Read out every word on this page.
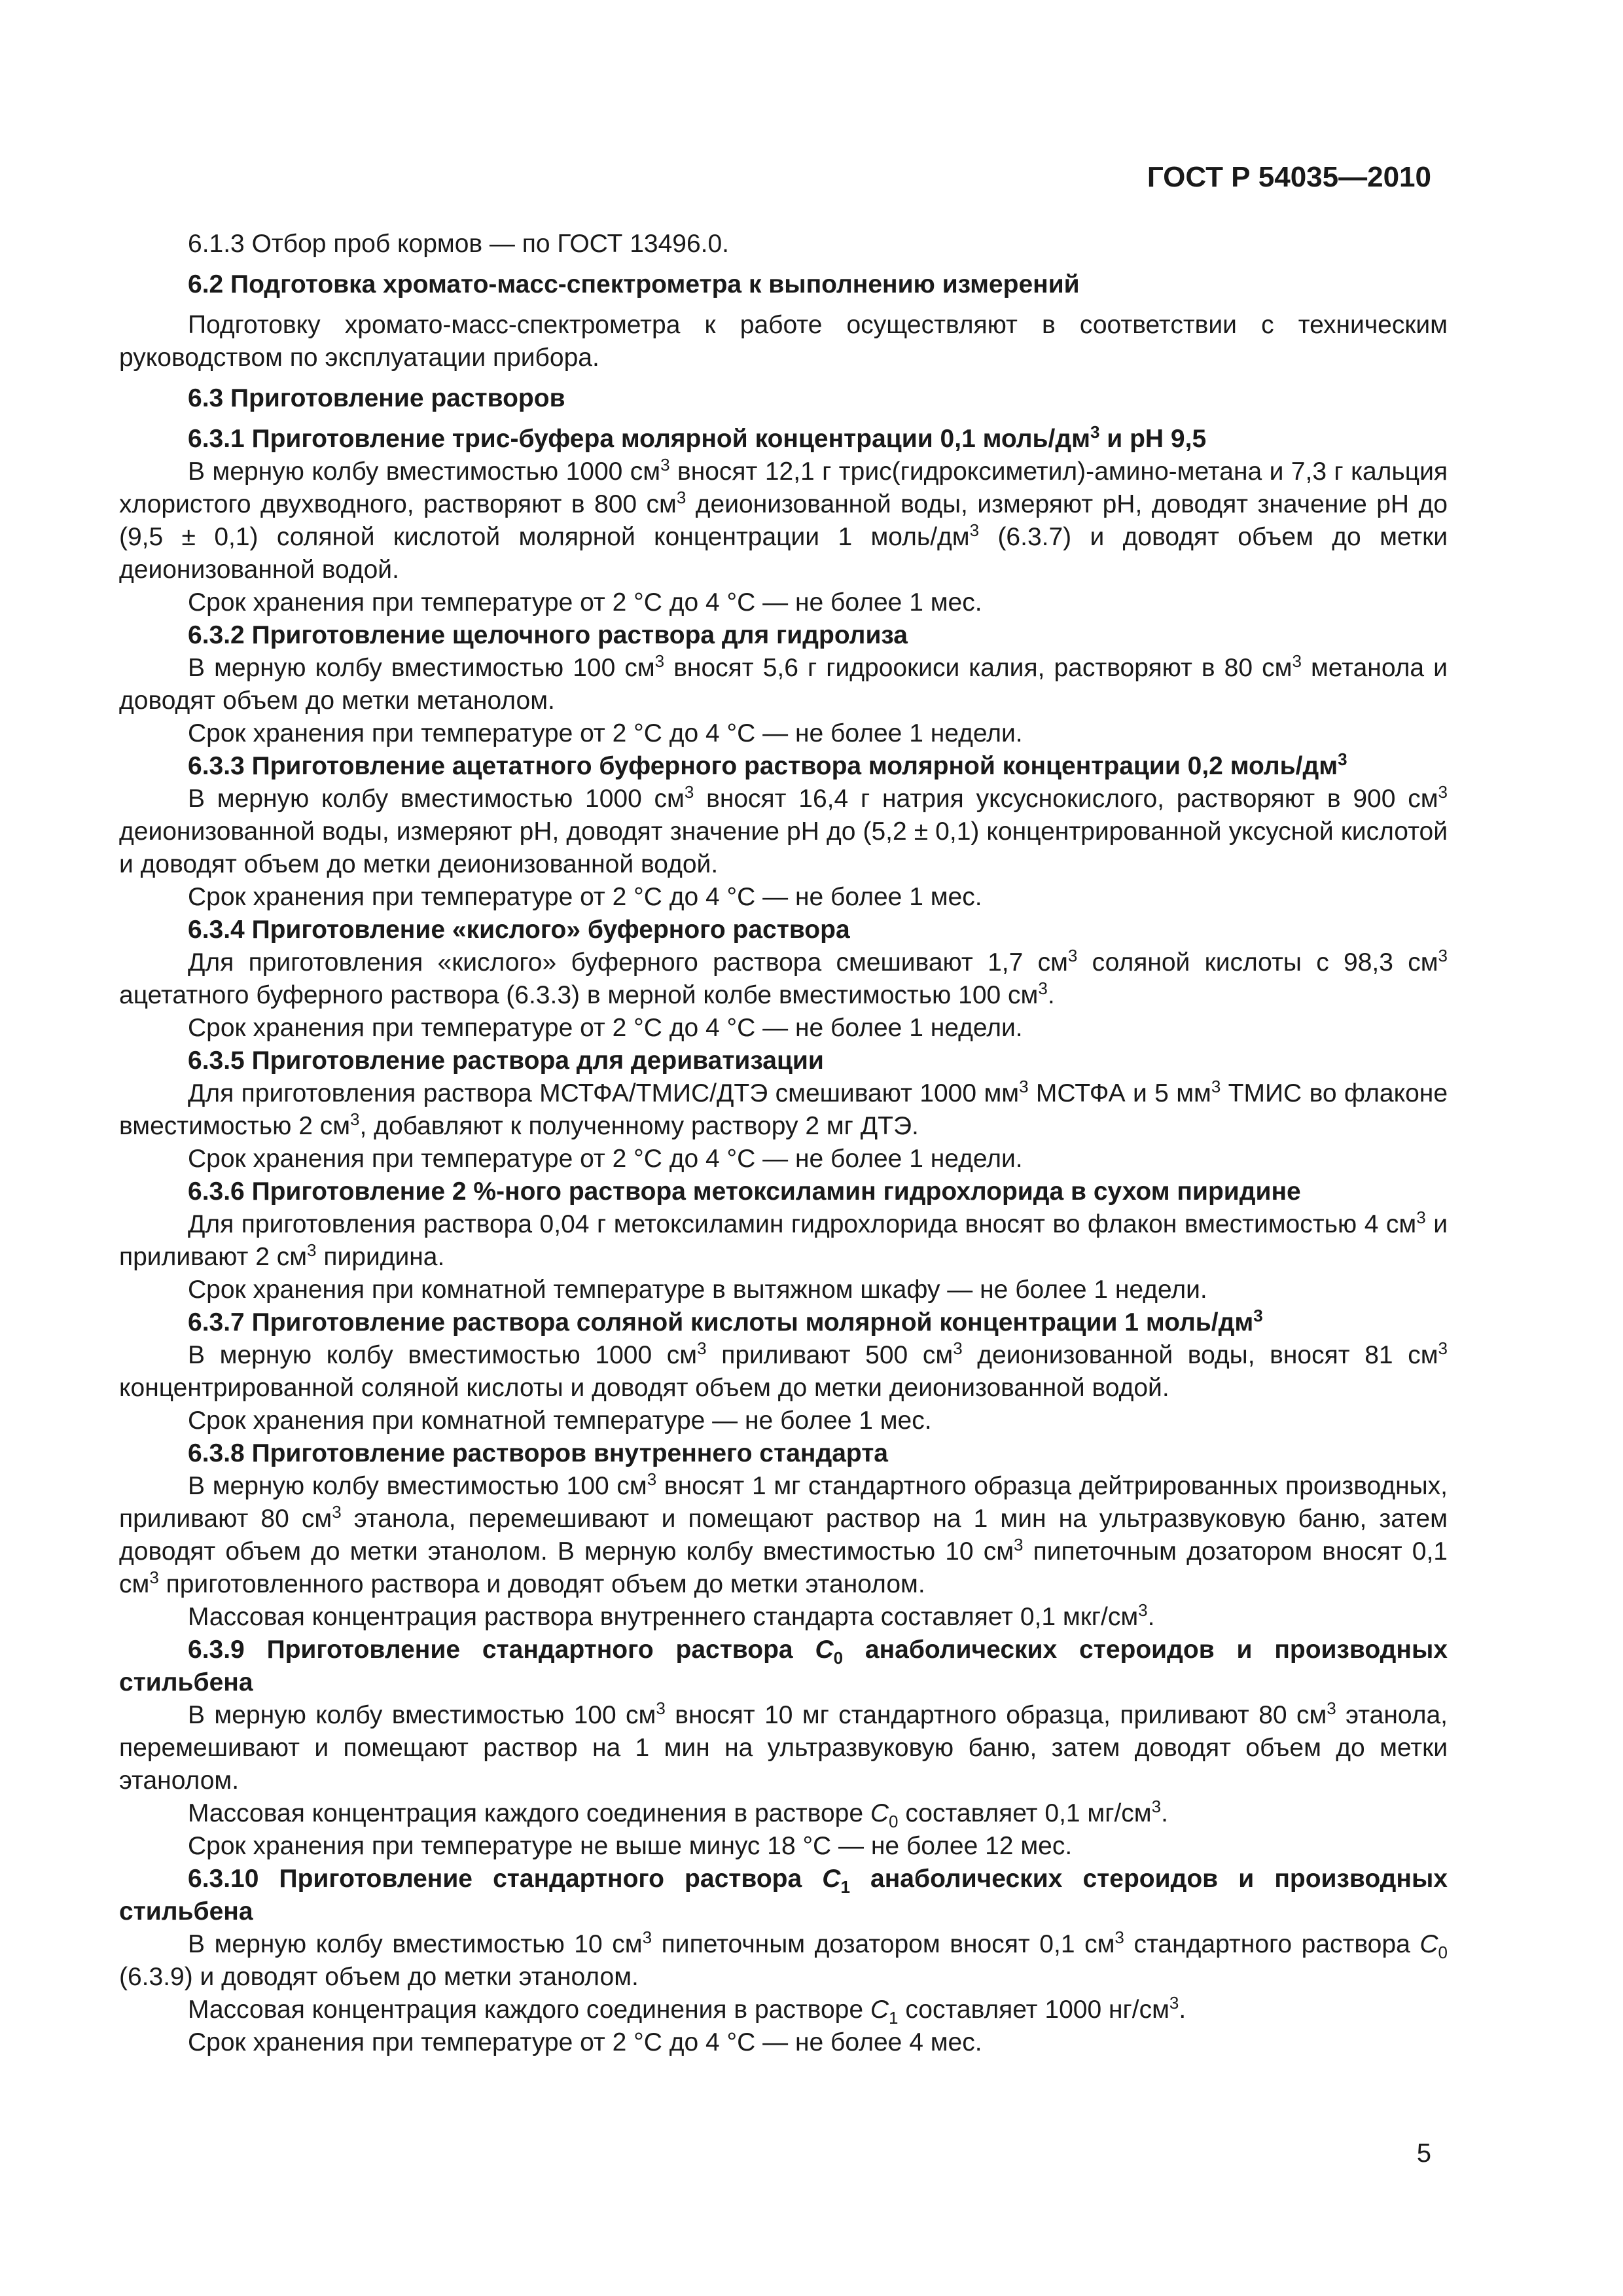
ГОСТ Р 54035—2010

6.1.3 Отбор проб кормов — по ГОСТ 13496.0.

6.2 Подготовка хромато-масс-спектрометра к выполнению измерений

Подготовку хромато-масс-спектрометра к работе осуществляют в соответствии с техническим руководством по эксплуатации прибора.

6.3 Приготовление растворов

6.3.1 Приготовление трис-буфера молярной концентрации 0,1 моль/$дм^3$ и рН 9,5

В мерную колбу вместимостью 1000 $см^3$ вносят 12,1 г трис(гидроксиметил)-амино-метана и 7,3 г кальция хлористого двухводного, растворяют в 800 $см^3$ деионизованной воды, измеряют рН, доводят значение рН до (9,5 ± 0,1) соляной кислотой молярной концентрации 1 моль/$дм^3$ (6.3.7) и доводят объем до метки деионизованной водой.

Срок хранения при температуре от 2 °С до 4 °С — не более 1 мес.

6.3.2 Приготовление щелочного раствора для гидролиза

В мерную колбу вместимостью 100 $см^3$ вносят 5,6 г гидроокиси калия, растворяют в 80 $см^3$ метанола и доводят объем до метки метанолом.

Срок хранения при температуре от 2 °С до 4 °С — не более 1 недели.

6.3.3 Приготовление ацетатного буферного раствора молярной концентрации 0,2 моль/$дм^3$

В мерную колбу вместимостью 1000 $см^3$ вносят 16,4 г натрия уксуснокислого, растворяют в 900 $см^3$ деионизованной воды, измеряют рН, доводят значение рН до (5,2 ± 0,1) концентрированной уксусной кислотой и доводят объем до метки деионизованной водой.

Срок хранения при температуре от 2 °С до 4 °С — не более 1 мес.

6.3.4 Приготовление «кислого» буферного раствора

Для приготовления «кислого» буферного раствора смешивают 1,7 $см^3$ соляной кислоты с 98,3 $см^3$ ацетатного буферного раствора (6.3.3) в мерной колбе вместимостью 100 $см^3$.

Срок хранения при температуре от 2 °С до 4 °С — не более 1 недели.

6.3.5 Приготовление раствора для дериватизации

Для приготовления раствора МСТФА/ТМИС/ДТЭ смешивают 1000 $мм^3$ МСТФА и 5 $мм^3$ ТМИС во флаконе вместимостью 2 $см^3$, добавляют к полученному раствору 2 мг ДТЭ.

Срок хранения при температуре от 2 °С до 4 °С — не более 1 недели.

6.3.6 Приготовление 2 %-ного раствора метоксиламин гидрохлорида в сухом пиридине

Для приготовления раствора 0,04 г метоксиламин гидрохлорида вносят во флакон вместимостью 4 $см^3$ и приливают 2 $см^3$ пиридина.

Срок хранения при комнатной температуре в вытяжном шкафу — не более 1 недели.

6.3.7 Приготовление раствора соляной кислоты молярной концентрации 1 моль/$дм^3$

В мерную колбу вместимостью 1000 $см^3$ приливают 500 $см^3$ деионизованной воды, вносят 81 $см^3$ концентрированной соляной кислоты и доводят объем до метки деионизованной водой.

Срок хранения при комнатной температуре — не более 1 мес.

6.3.8 Приготовление растворов внутреннего стандарта

В мерную колбу вместимостью 100 $см^3$ вносят 1 мг стандартного образца дейтрированных производных, приливают 80 $см^3$ этанола, перемешивают и помещают раствор на 1 мин на ультразвуковую баню, затем доводят объем до метки этанолом. В мерную колбу вместимостью 10 $см^3$ пипеточным дозатором вносят 0,1 $см^3$ приготовленного раствора и доводят объем до метки этанолом.

Массовая концентрация раствора внутреннего стандарта составляет 0,1 мкг/$см^3$.

6.3.9 Приготовление стандартного раствора $С_0$ анаболических стероидов и производных стильбена

В мерную колбу вместимостью 100 $см^3$ вносят 10 мг стандартного образца, приливают 80 $см^3$ этанола, перемешивают и помещают раствор на 1 мин на ультразвуковую баню, затем доводят объем до метки этанолом.

Массовая концентрация каждого соединения в растворе $С_0$ составляет 0,1 $мг/см^3$.

Срок хранения при температуре не выше минус 18 °С — не более 12 мес.

6.3.10 Приготовление стандартного раствора $С_1$ анаболических стероидов и производных стильбена

В мерную колбу вместимостью 10 $см^3$ пипеточным дозатором вносят 0,1 $см^3$ стандартного раствора $С_0$ (6.3.9) и доводят объем до метки этанолом.

Массовая концентрация каждого соединения в растворе $С_1$ составляет 1000 $нг/см^3$.

Срок хранения при температуре от 2 °С до 4 °С — не более 4 мес.

5
